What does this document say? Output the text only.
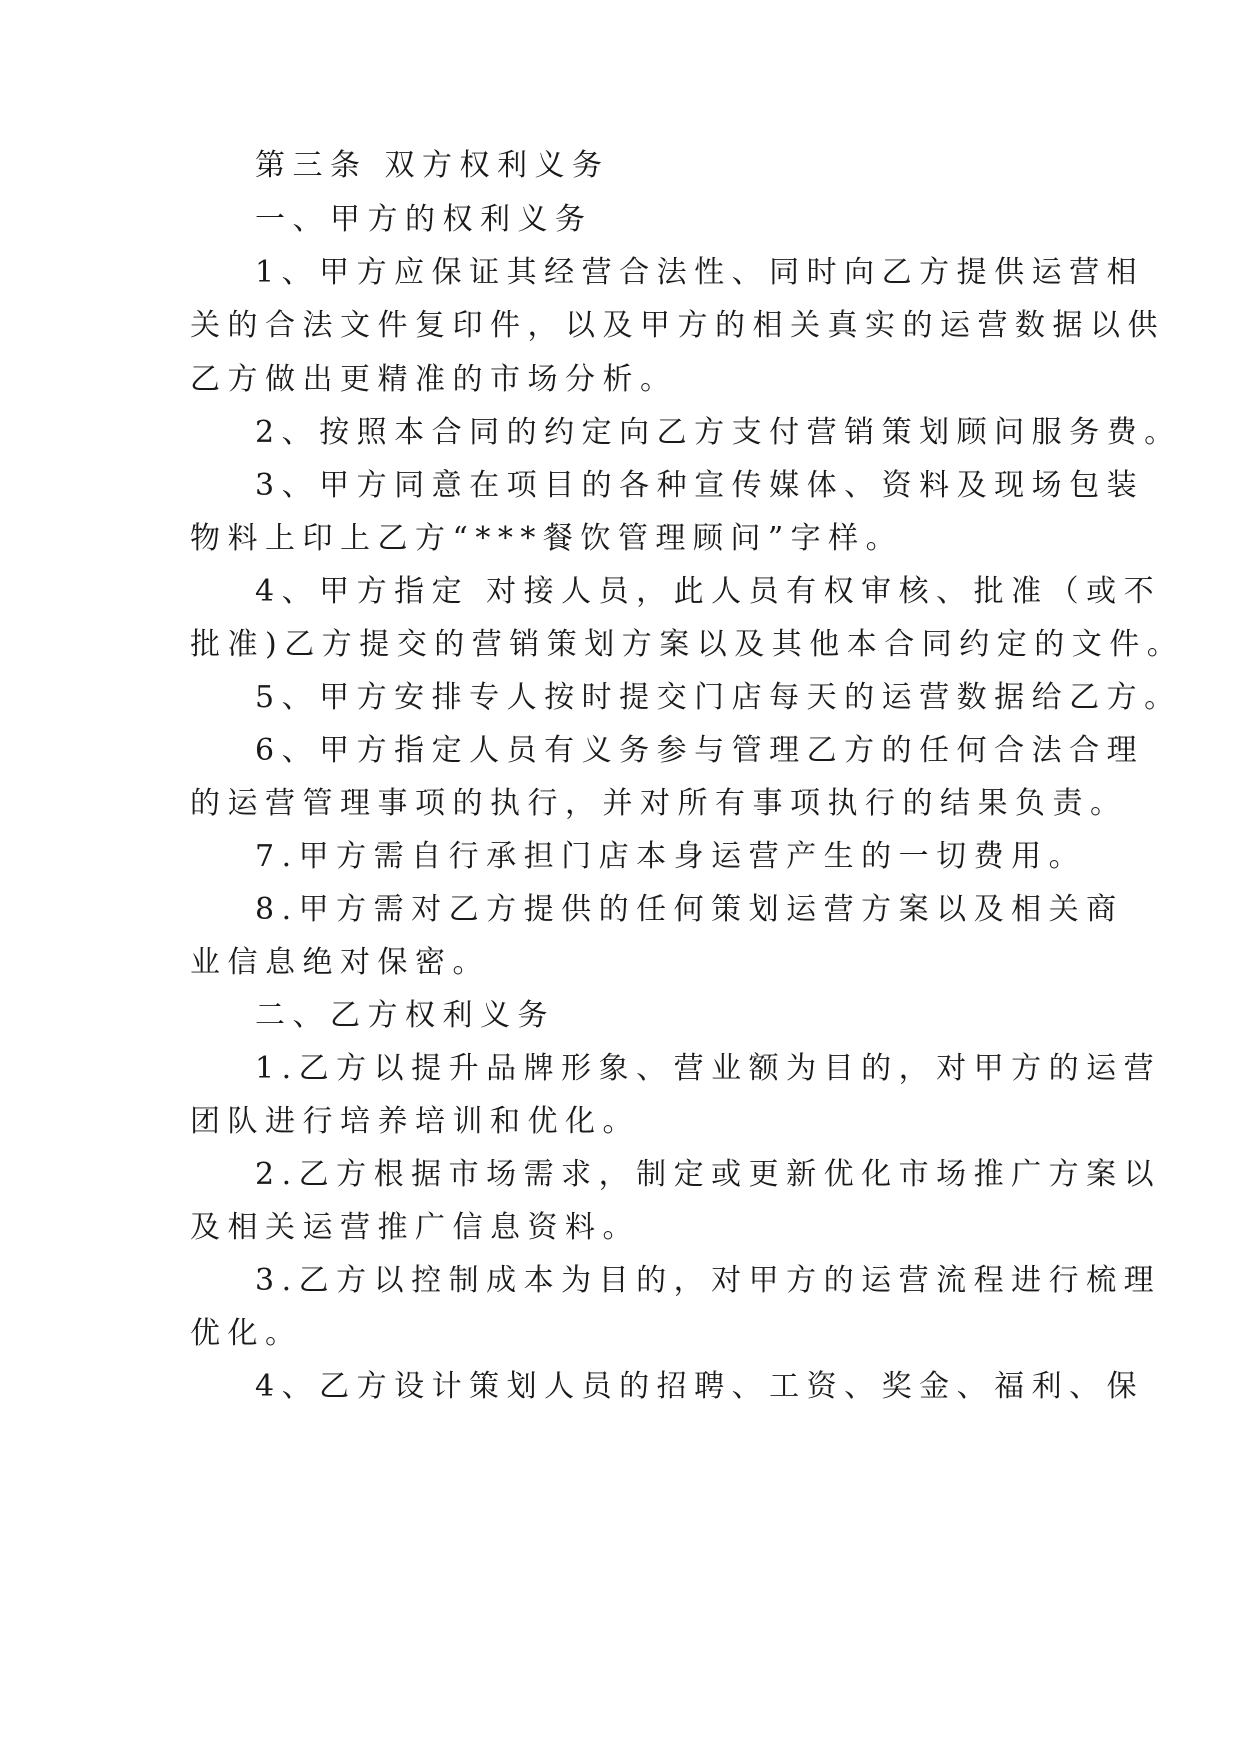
第三条 双方权利义务
一、甲方的权利义务
1、甲方应保证其经营合法性、同时向乙方提供运营相
关的合法文件复印件，以及甲方的相关真实的运营数据以供
乙方做出更精准的市场分析。
2、按照本合同的约定向乙方支付营销策划顾问服务费。
3、甲方同意在项目的各种宣传媒体、资料及现场包装
物料上印上乙方“***餐饮管理顾问”字样。
4、甲方指定 对接人员，此人员有权审核、批准（或不
批准)乙方提交的营销策划方案以及其他本合同约定的文件。
5、甲方安排专人按时提交门店每天的运营数据给乙方。
6、甲方指定人员有义务参与管理乙方的任何合法合理
的运营管理事项的执行，并对所有事项执行的结果负责。
7.甲方需自行承担门店本身运营产生的一切费用。
8.甲方需对乙方提供的任何策划运营方案以及相关商
业信息绝对保密。
二、乙方权利义务
1.乙方以提升品牌形象、营业额为目的，对甲方的运营
团队进行培养培训和优化。
2.乙方根据市场需求，制定或更新优化市场推广方案以
及相关运营推广信息资料。
3.乙方以控制成本为目的，对甲方的运营流程进行梳理
优化。
4、乙方设计策划人员的招聘、工资、奖金、福利、保
